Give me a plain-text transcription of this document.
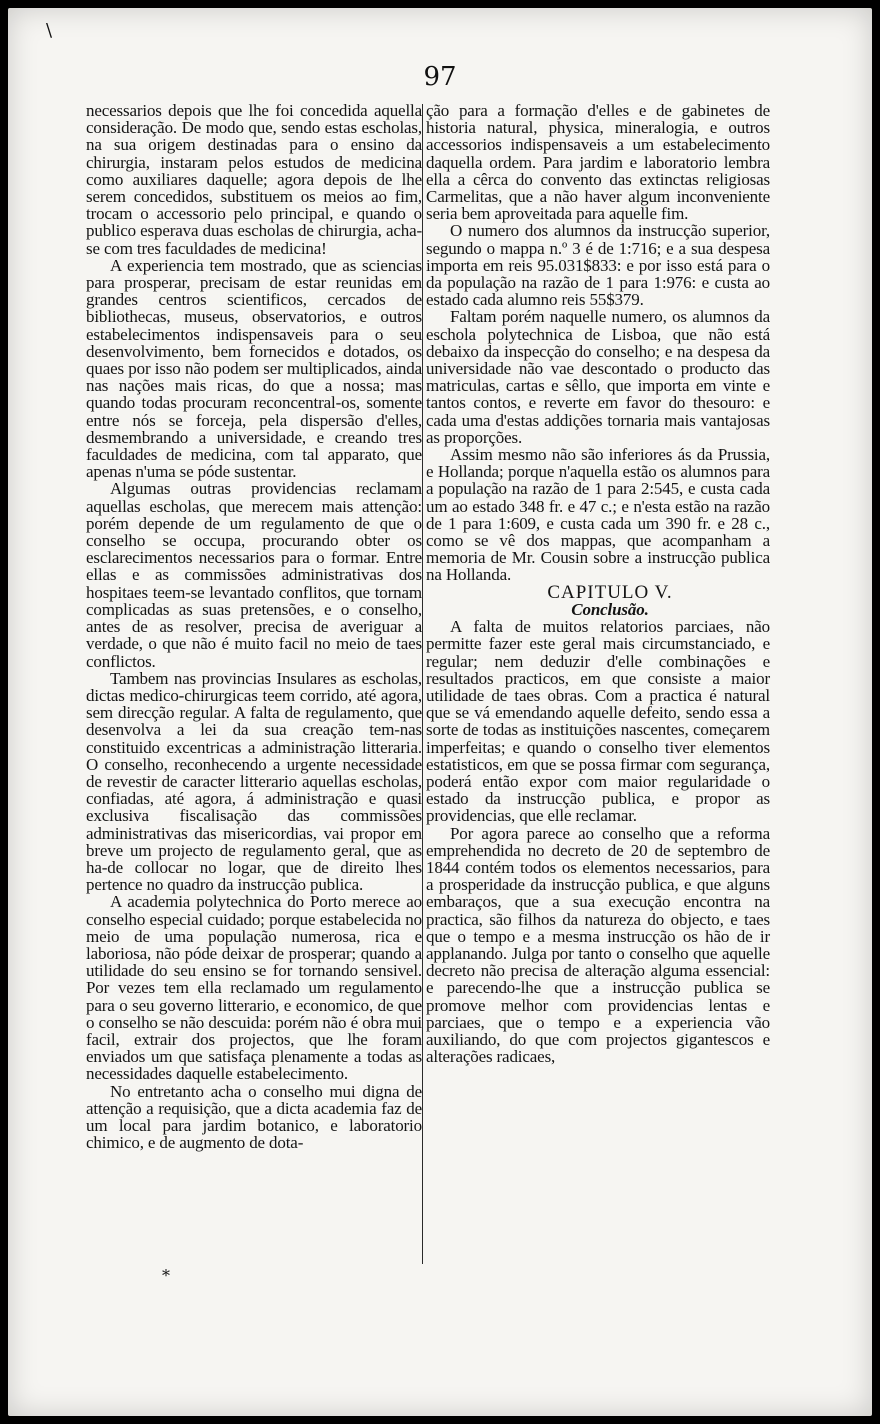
\
97

necessarios depois que lhe foi concedida aquella consideração. De modo que, sendo estas escholas, na sua origem destinadas para o ensino da chirurgia, instaram pelos estudos de medicina como auxiliares daquelle; agora depois de lhe serem concedidos, substituem os meios ao fim, trocam o accessorio pelo principal, e quando o publico esperava duas escholas de chirurgia, acha-se com tres faculdades de medicina!

A experiencia tem mostrado, que as sciencias para prosperar, precisam de estar reunidas em grandes centros scientificos, cercados de bibliothecas, museus, observatorios, e outros estabelecimentos indispensaveis para o seu desenvolvimento, bem fornecidos e dotados, os quaes por isso não podem ser multiplicados, ainda nas nações mais ricas, do que a nossa; mas quando todas procuram reconcentral-os, somente entre nós se forceja, pela dispersão d'elles, desmembrando a universidade, e creando tres faculdades de medicina, com tal apparato, que apenas n'uma se póde sustentar.

Algumas outras providencias reclamam aquellas escholas, que merecem mais attenção: porém depende de um regulamento de que o conselho se occupa, procurando obter os esclarecimentos necessarios para o formar. Entre ellas e as commissões administrativas dos hospitaes teem-se levantado conflitos, que tornam complicadas as suas pretensões, e o conselho, antes de as resolver, precisa de averiguar a verdade, o que não é muito facil no meio de taes conflictos.

Tambem nas provincias Insulares as escholas, dictas medico-chirurgicas teem corrido, até agora, sem direcção regular. A falta de regulamento, que desenvolva a lei da sua creação tem-nas constituido excentricas a administração litteraria. O conselho, reconhecendo a urgente necessidade de revestir de caracter litterario aquellas escholas, confiadas, até agora, á administração e quasi exclusiva fiscalisação das commissões administrativas das misericordias, vai propor em breve um projecto de regulamento geral, que as ha-de collocar no logar, que de direito lhes pertence no quadro da instrucção publica.

A academia polytechnica do Porto merece ao conselho especial cuidado; porque estabelecida no meio de uma população numerosa, rica e laboriosa, não póde deixar de prosperar; quando a utilidade do seu ensino se for tornando sensivel. Por vezes tem ella reclamado um regulamento para o seu governo litterario, e economico, de que o conselho se não descuida: porém não é obra mui facil, extrair dos projectos, que lhe foram enviados um que satisfaça plenamente a todas as necessidades daquelle estabelecimento.

No entretanto acha o conselho mui digna de attenção a requisição, que a dicta academia faz de um local para jardim botanico, e laboratorio chimico, e de augmento de dota-

ção para a formação d'elles e de gabinetes de historia natural, physica, mineralogia, e outros accessorios indispensaveis a um estabelecimento daquella ordem. Para jardim e laboratorio lembra ella a cêrca do convento das extinctas religiosas Carmelitas, que a não haver algum inconveniente seria bem aproveitada para aquelle fim.

O numero dos alumnos da instrucção superior, segundo o mappa n.º 3 é de 1:716; e a sua despesa importa em reis 95.031$833: e por isso está para o da população na razão de 1 para 1:976: e custa ao estado cada alumno reis 55$379.

Faltam porém naquelle numero, os alumnos da eschola polytechnica de Lisboa, que não está debaixo da inspecção do conselho; e na despesa da universidade não vae descontado o producto das matriculas, cartas e sêllo, que importa em vinte e tantos contos, e reverte em favor do thesouro: e cada uma d'estas addições tornaria mais vantajosas as proporções.

Assim mesmo não são inferiores ás da Prussia, e Hollanda; porque n'aquella estão os alumnos para a população na razão de 1 para 2:545, e custa cada um ao estado 348 fr. e 47 c.; e n'esta estão na razão de 1 para 1:609, e custa cada um 390 fr. e 28 c., como se vê dos mappas, que acompanham a memoria de Mr. Cousin sobre a instrucção publica na Hollanda.

CAPITULO V.

Conclusão.

A falta de muitos relatorios parciaes, não permitte fazer este geral mais circumstanciado, e regular; nem deduzir d'elle combinações e resultados practicos, em que consiste a maior utilidade de taes obras. Com a practica é natural que se vá emendando aquelle defeito, sendo essa a sorte de todas as instituições nascentes, começarem imperfeitas; e quando o conselho tiver elementos estatisticos, em que se possa firmar com segurança, poderá então expor com maior regularidade o estado da instrucção publica, e propor as providencias, que elle reclamar.

Por agora parece ao conselho que a reforma emprehendida no decreto de 20 de septembro de 1844 contém todos os elementos necessarios, para a prosperidade da instrucção publica, e que alguns embaraços, que a sua execução encontra na practica, são filhos da natureza do objecto, e taes que o tempo e a mesma instrucção os hão de ir applanando. Julga por tanto o conselho que aquelle decreto não precisa de alteração alguma essencial: e parecendo-lhe que a instrucção publica se promove melhor com providencias lentas e parciaes, que o tempo e a experiencia vão auxiliando, do que com projectos gigantescos e alterações radicaes,

*
